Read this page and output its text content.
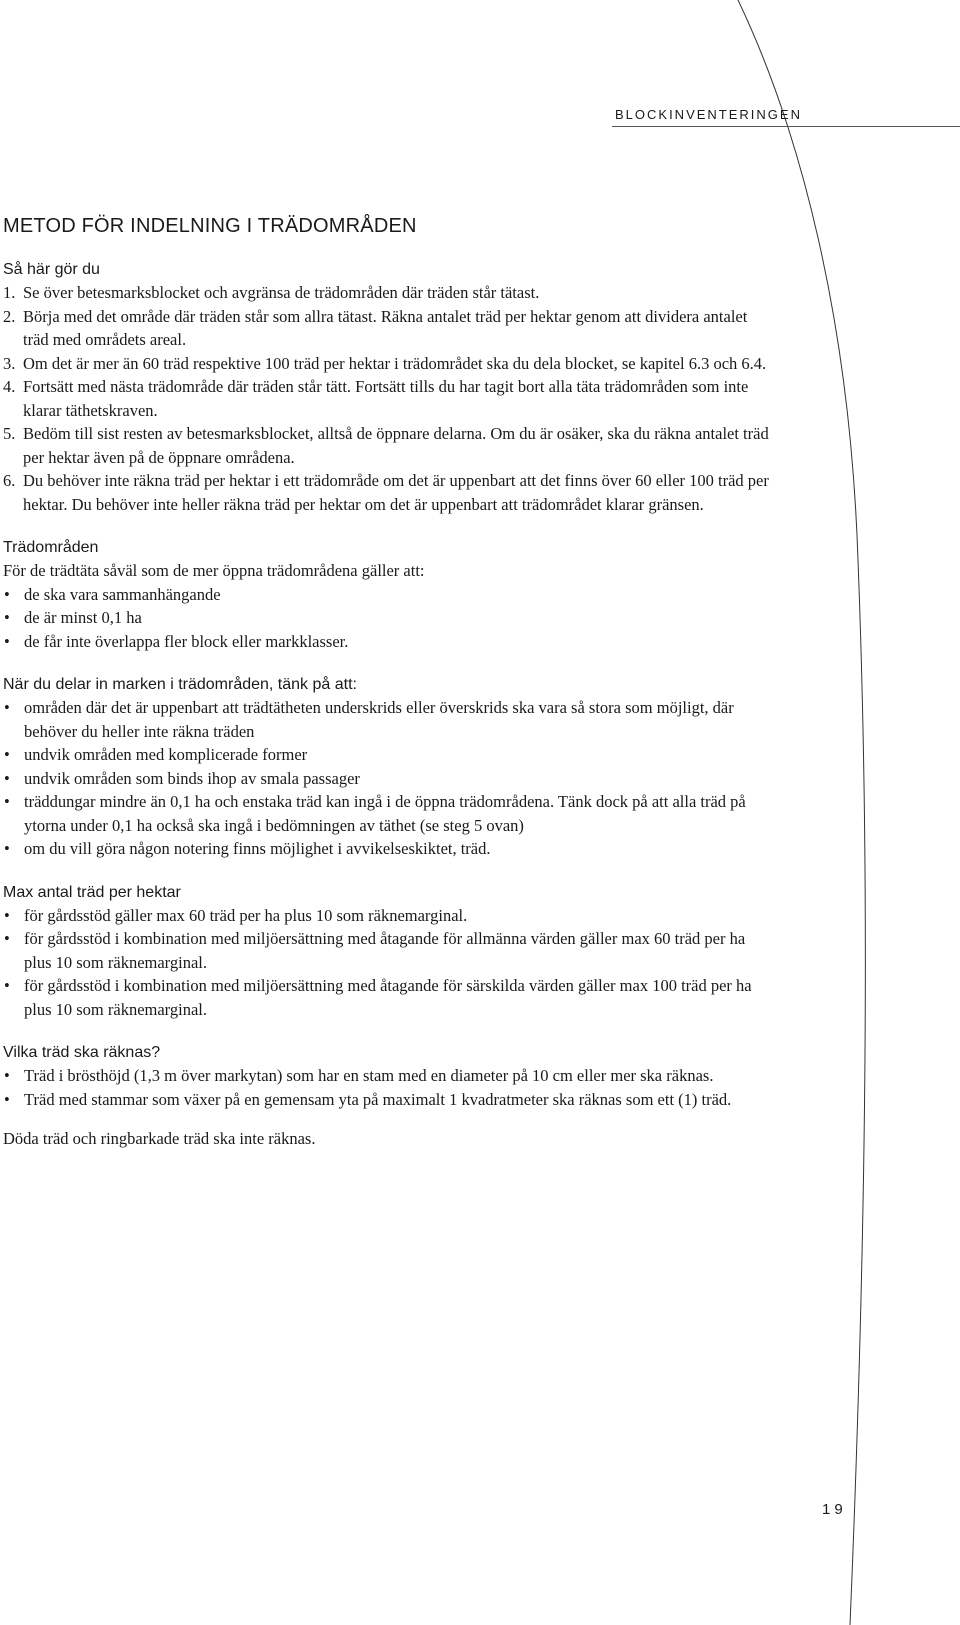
BLOCKINVENTERINGEN
METOD FÖR INDELNING I TRÄDOMRÅDEN
Så här gör du
1. Se över betesmarksblocket och avgränsa de trädområden där träden står tätast.
2. Börja med det område där träden står som allra tätast. Räkna antalet träd per hektar genom att dividera antalet träd med områdets areal.
3. Om det är mer än 60 träd respektive 100 träd per hektar i trädområdet ska du dela blocket, se kapitel 6.3 och 6.4.
4. Fortsätt med nästa trädområde där träden står tätt. Fortsätt tills du har tagit bort alla täta trädområden som inte klarar täthetskraven.
5. Bedöm till sist resten av betesmarksblocket, alltså de öppnare delarna. Om du är osäker, ska du räkna antalet träd per hektar även på de öppnare områdena.
6. Du behöver inte räkna träd per hektar i ett trädområde om det är uppenbart att det finns över 60 eller 100 träd per hektar. Du behöver inte heller räkna träd per hektar om det är uppenbart att trädområdet klarar gränsen.
Trädområden

För de trädtäta såväl som de mer öppna trädområdena gäller att:

• de ska vara sammanhängande
• de är minst 0,1 ha
• de får inte överlappa fler block eller markklasser.
När du delar in marken i trädområden, tänk på att:
• områden där det är uppenbart att trädtätheten underskrids eller överskrids ska vara så stora som möjligt, där behöver du heller inte räkna träden
• undvik områden med komplicerade former
• undvik områden som binds ihop av smala passager
• träddungar mindre än 0,1 ha och enstaka träd kan ingå i de öppna trädområdena. Tänk dock på att alla träd på ytorna under 0,1 ha också ska ingå i bedömningen av täthet (se steg 5 ovan)
• om du vill göra någon notering finns möjlighet i avvikelseskiktet, träd.
Max antal träd per hektar
• för gårdsstöd gäller max 60 träd per ha plus 10 som räknemarginal.
• för gårdsstöd i kombination med miljöersättning med åtagande för allmänna värden gäller max 60 träd per ha plus 10 som räknemarginal.
• för gårdsstöd i kombination med miljöersättning med åtagande för särskilda värden gäller max 100 träd per ha plus 10 som räknemarginal.
Vilka träd ska räknas?
• Träd i brösthöjd (1,3 m över markytan) som har en stam med en diameter på 10 cm eller mer ska räknas.
• Träd med stammar som växer på en gemensam yta på maximalt 1 kvadratmeter ska räknas som ett (1) träd.

Döda träd och ringbarkade träd ska inte räknas.

19
